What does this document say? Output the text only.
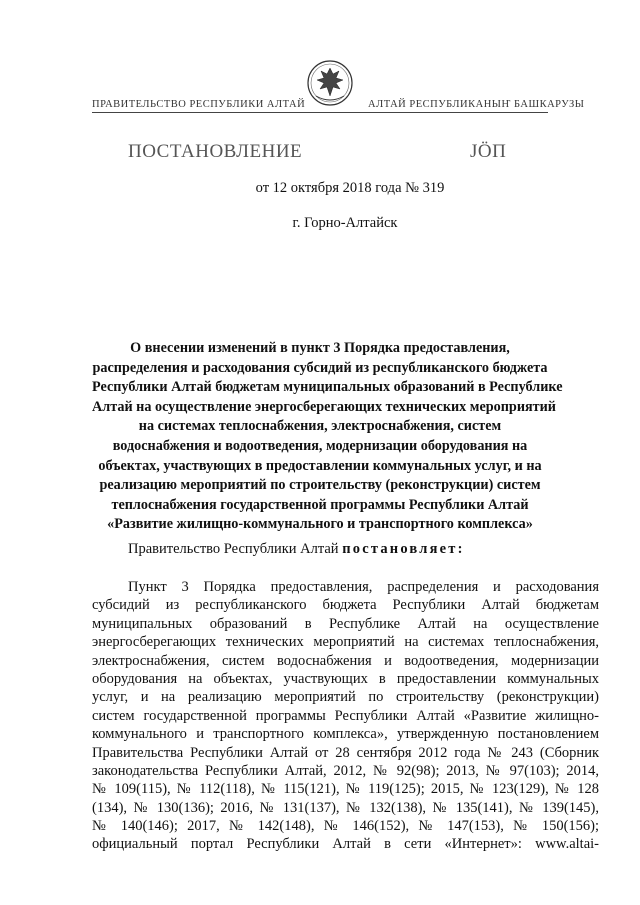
ПРАВИТЕЛЬСТВО РЕСПУБЛИКИ АЛТАЙ	АЛТАЙ РЕСПУБЛИКАНЫҤ БАШКАРУЗЫ
ПОСТАНОВЛЕНИЕ	ЈÖП
от 12 октября 2018 года № 319
г. Горно-Алтайск
О внесении изменений в пункт 3 Порядка предоставления,
распределения и расходования субсидий из республиканского бюджета
Республики Алтай бюджетам муниципальных образований в Республике
Алтай на осуществление энергосберегающих технических мероприятий
на системах теплоснабжения, электроснабжения, систем
водоснабжения и водоотведения, модернизации оборудования на
объектах, участвующих в предоставлении коммунальных услуг, и на
реализацию мероприятий по строительству (реконструкции) систем
теплоснабжения государственной программы Республики Алтай
«Развитие жилищно-коммунального и транспортного комплекса»
Правительство Республики Алтай постановляет:
Пункт 3 Порядка предоставления, распределения и расходования
субсидий из республиканского бюджета Республики Алтай бюджетам
муниципальных образований в Республике Алтай на осуществление
энергосберегающих технических мероприятий на системах теплоснабжения,
электроснабжения, систем водоснабжения и водоотведения, модернизации
оборудования на объектах, участвующих в предоставлении коммунальных
услуг, и на реализацию мероприятий по строительству (реконструкции)
систем государственной программы Республики Алтай «Развитие жилищно-
коммунального и транспортного комплекса», утвержденную постановлением
Правительства Республики Алтай от 28 сентября 2012 года № 243 (Сборник
законодательства Республики Алтай, 2012, № 92(98); 2013, № 97(103); 2014,
№ 109(115), № 112(118), № 115(121), № 119(125); 2015, № 123(129), № 128
(134), № 130(136); 2016, № 131(137), № 132(138), № 135(141), № 139(145),
№ 140(146); 2017, № 142(148), № 146(152), № 147(153), № 150(156);
официальный портал Республики Алтай в сети «Интернет»: www.altai-
